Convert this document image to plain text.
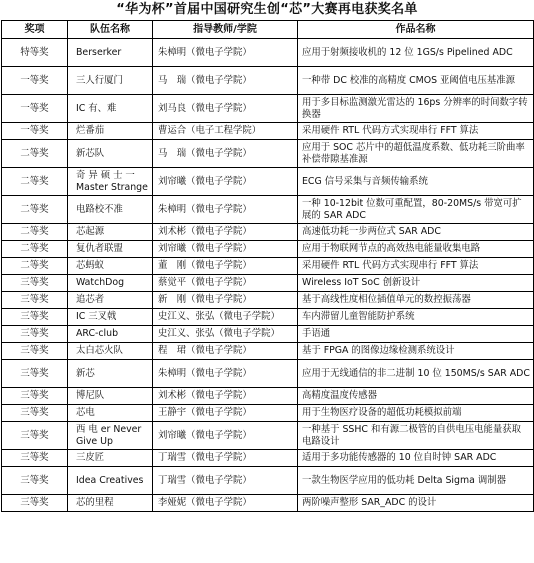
“华为杯”首届中国研究生创“芯”大赛再电获奖名单
奖项	队伍名称	指导教师/学院	作品名称
特等奖	Berserker	朱樟明（微电子学院）	应用于射频接收机的 12 位 1GS/s Pipelined ADC
一等奖	三人行厦门	马　瑞（微电子学院）	一种带 DC 校准的高精度 CMOS 亚阈值电压基准源
一等奖	IC 有、难	刘马良（微电子学院）	用于多目标监测激光雷达的 16ps 分辨率的时间数字转换器
一等奖	烂番茄	曹运合（电子工程学院）	采用硬件 RTL 代码方式实现串行 FFT 算法
二等奖	新芯队	马　瑞（微电子学院）	应用于 SOC 芯片中的超低温度系数、低功耗三阶曲率补偿带隙基准源
二等奖	奇 异 硕 士 一 Master Strange	刘帘曦（微电子学院）	ECG 信号采集与音频传输系统
二等奖	电路校不准	朱樟明（微电子学院）	一种 10-12bit 位数可重配置，80-20MS/s 带宽可扩展的 SAR ADC
二等奖	芯起源	刘术彬（微电子学院）	高速低功耗一步两位式 SAR ADC
二等奖	复仇者联盟	刘帘曦（微电子学院）	应用于物联网节点的高效热电能量收集电路
二等奖	芯蚂蚁	董　刚（微电子学院）	采用硬件 RTL 代码方式实现串行 FFT 算法
三等奖	WatchDog	蔡觉平（微电子学院）	Wireless IoT SoC 创新设计
三等奖	追芯者	新　刚（微电子学院）	基于高线性度相位插值单元的数控振荡器
三等奖	IC 三叉戟	史江义、张弘（微电子学院）	车内滞留儿童智能防护系统
三等奖	ARC-club	史江义、张弘（微电子学院）	手语通
三等奖	太白芯火队	程　珺（微电子学院）	基于 FPGA 的图像边缘检测系统设计
三等奖	新芯	朱樟明（微电子学院）	应用于无线通信的非二进制 10 位 150MS/s SAR ADC
三等奖	博尼队	刘术彬（微电子学院）	高精度温度传感器
三等奖	芯电	王静宇（微电子学院）	用于生物医疗设备的超低功耗模拟前端
三等奖	西 电 er Never Give Up	刘帘曦（微电子学院）	一种基于 SSHC 和有源二极管的自供电压电能量获取电路设计
三等奖	三皮匠	丁瑞雪（微电子学院）	适用于多功能传感器的 10 位自时钟 SAR ADC
三等奖	Idea Creatives	丁瑞雪（微电子学院）	一款生物医学应用的低功耗 Delta Sigma 调制器
三等奖	芯的里程	李娅妮（微电子学院）	两阶噪声整形 SAR_ADC 的设计
